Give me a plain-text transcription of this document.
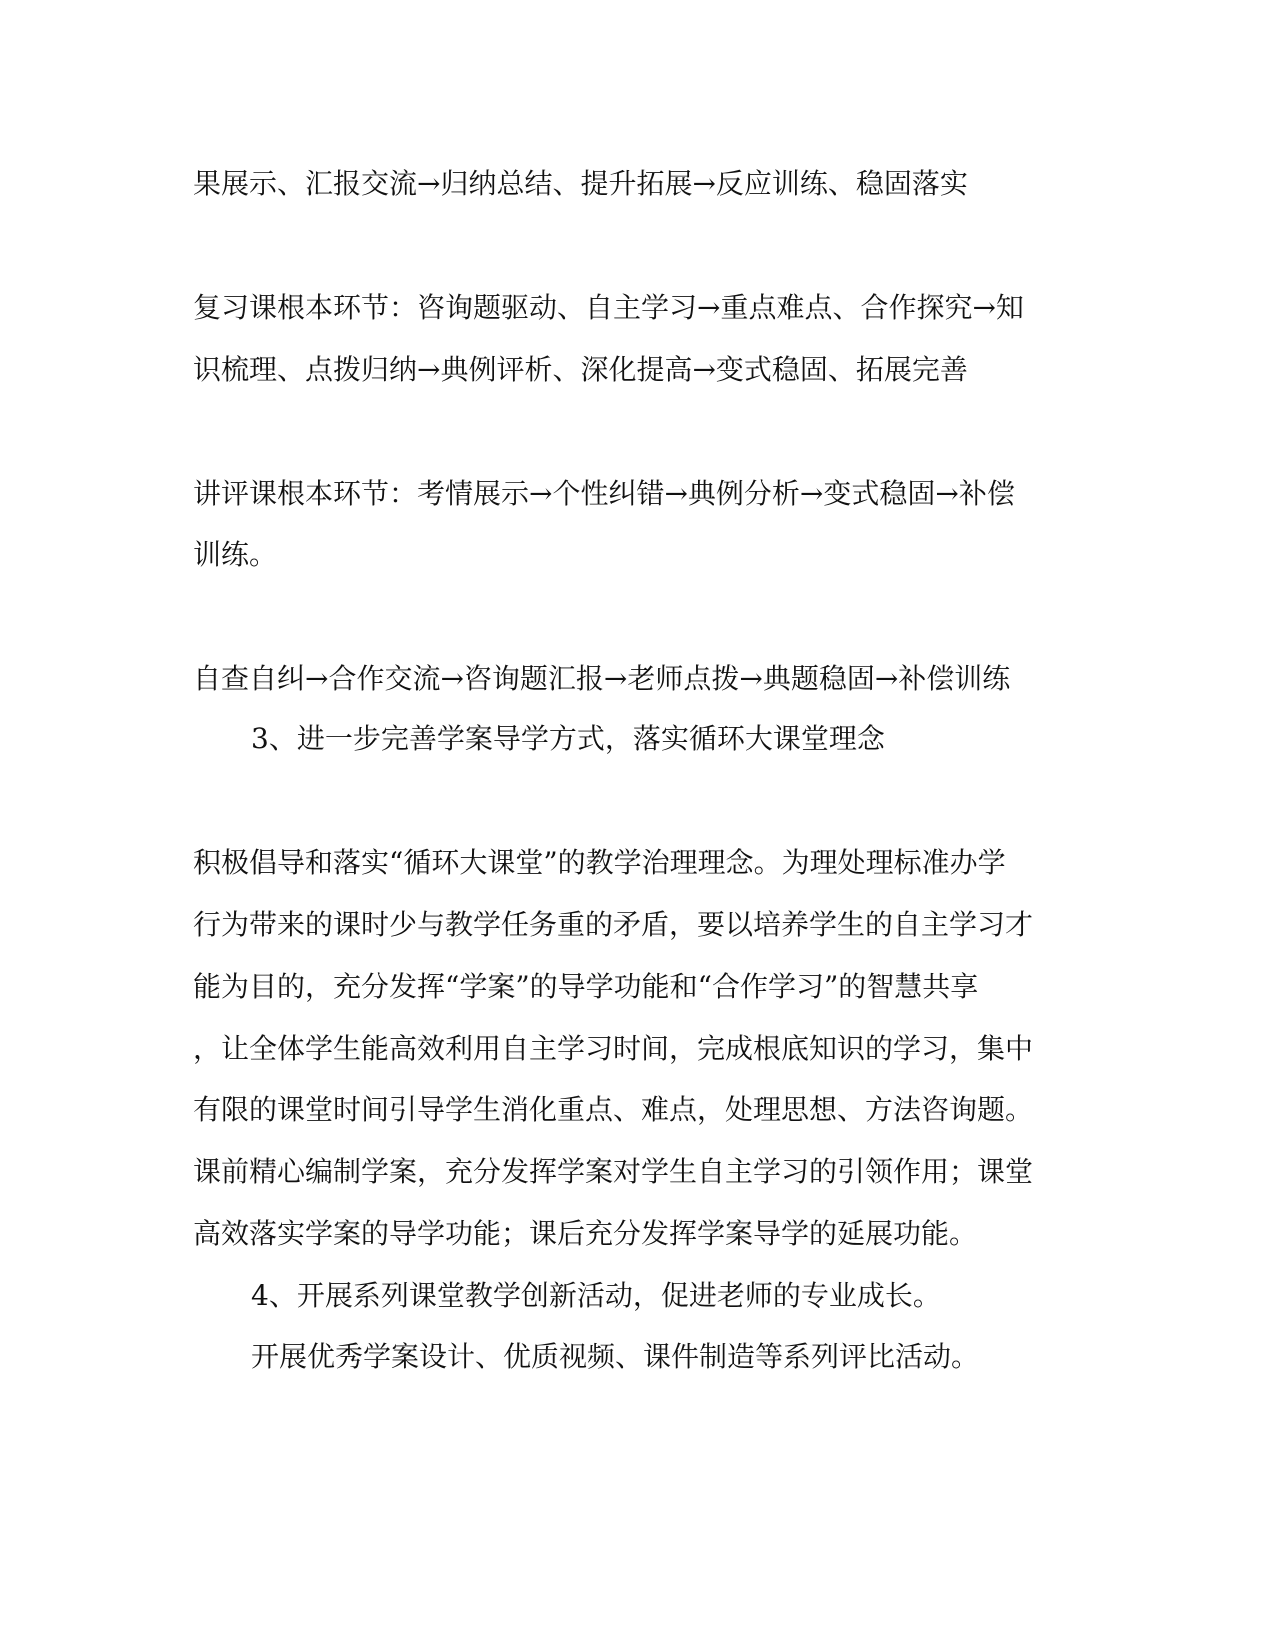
果展示、汇报交流→归纳总结、提升拓展→反应训练、稳固落实

复习课根本环节：咨询题驱动、自主学习→重点难点、合作探究→知

识梳理、点拨归纳→典例评析、深化提高→变式稳固、拓展完善

讲评课根本环节：考情展示→个性纠错→典例分析→变式稳固→补偿

训练。

自查自纠→合作交流→咨询题汇报→老师点拨→典题稳固→补偿训练

3、进一步完善学案导学方式，落实循环大课堂理念

积极倡导和落实“循环大课堂”的教学治理理念。为理处理标准办学

行为带来的课时少与教学任务重的矛盾，要以培养学生的自主学习才

能为目的，充分发挥“学案”的导学功能和“合作学习”的智慧共享

，让全体学生能高效利用自主学习时间，完成根底知识的学习，集中

有限的课堂时间引导学生消化重点、难点，处理思想、方法咨询题。

课前精心编制学案，充分发挥学案对学生自主学习的引领作用；课堂

高效落实学案的导学功能；课后充分发挥学案导学的延展功能。

4、开展系列课堂教学创新活动，促进老师的专业成长。

开展优秀学案设计、优质视频、课件制造等系列评比活动。
